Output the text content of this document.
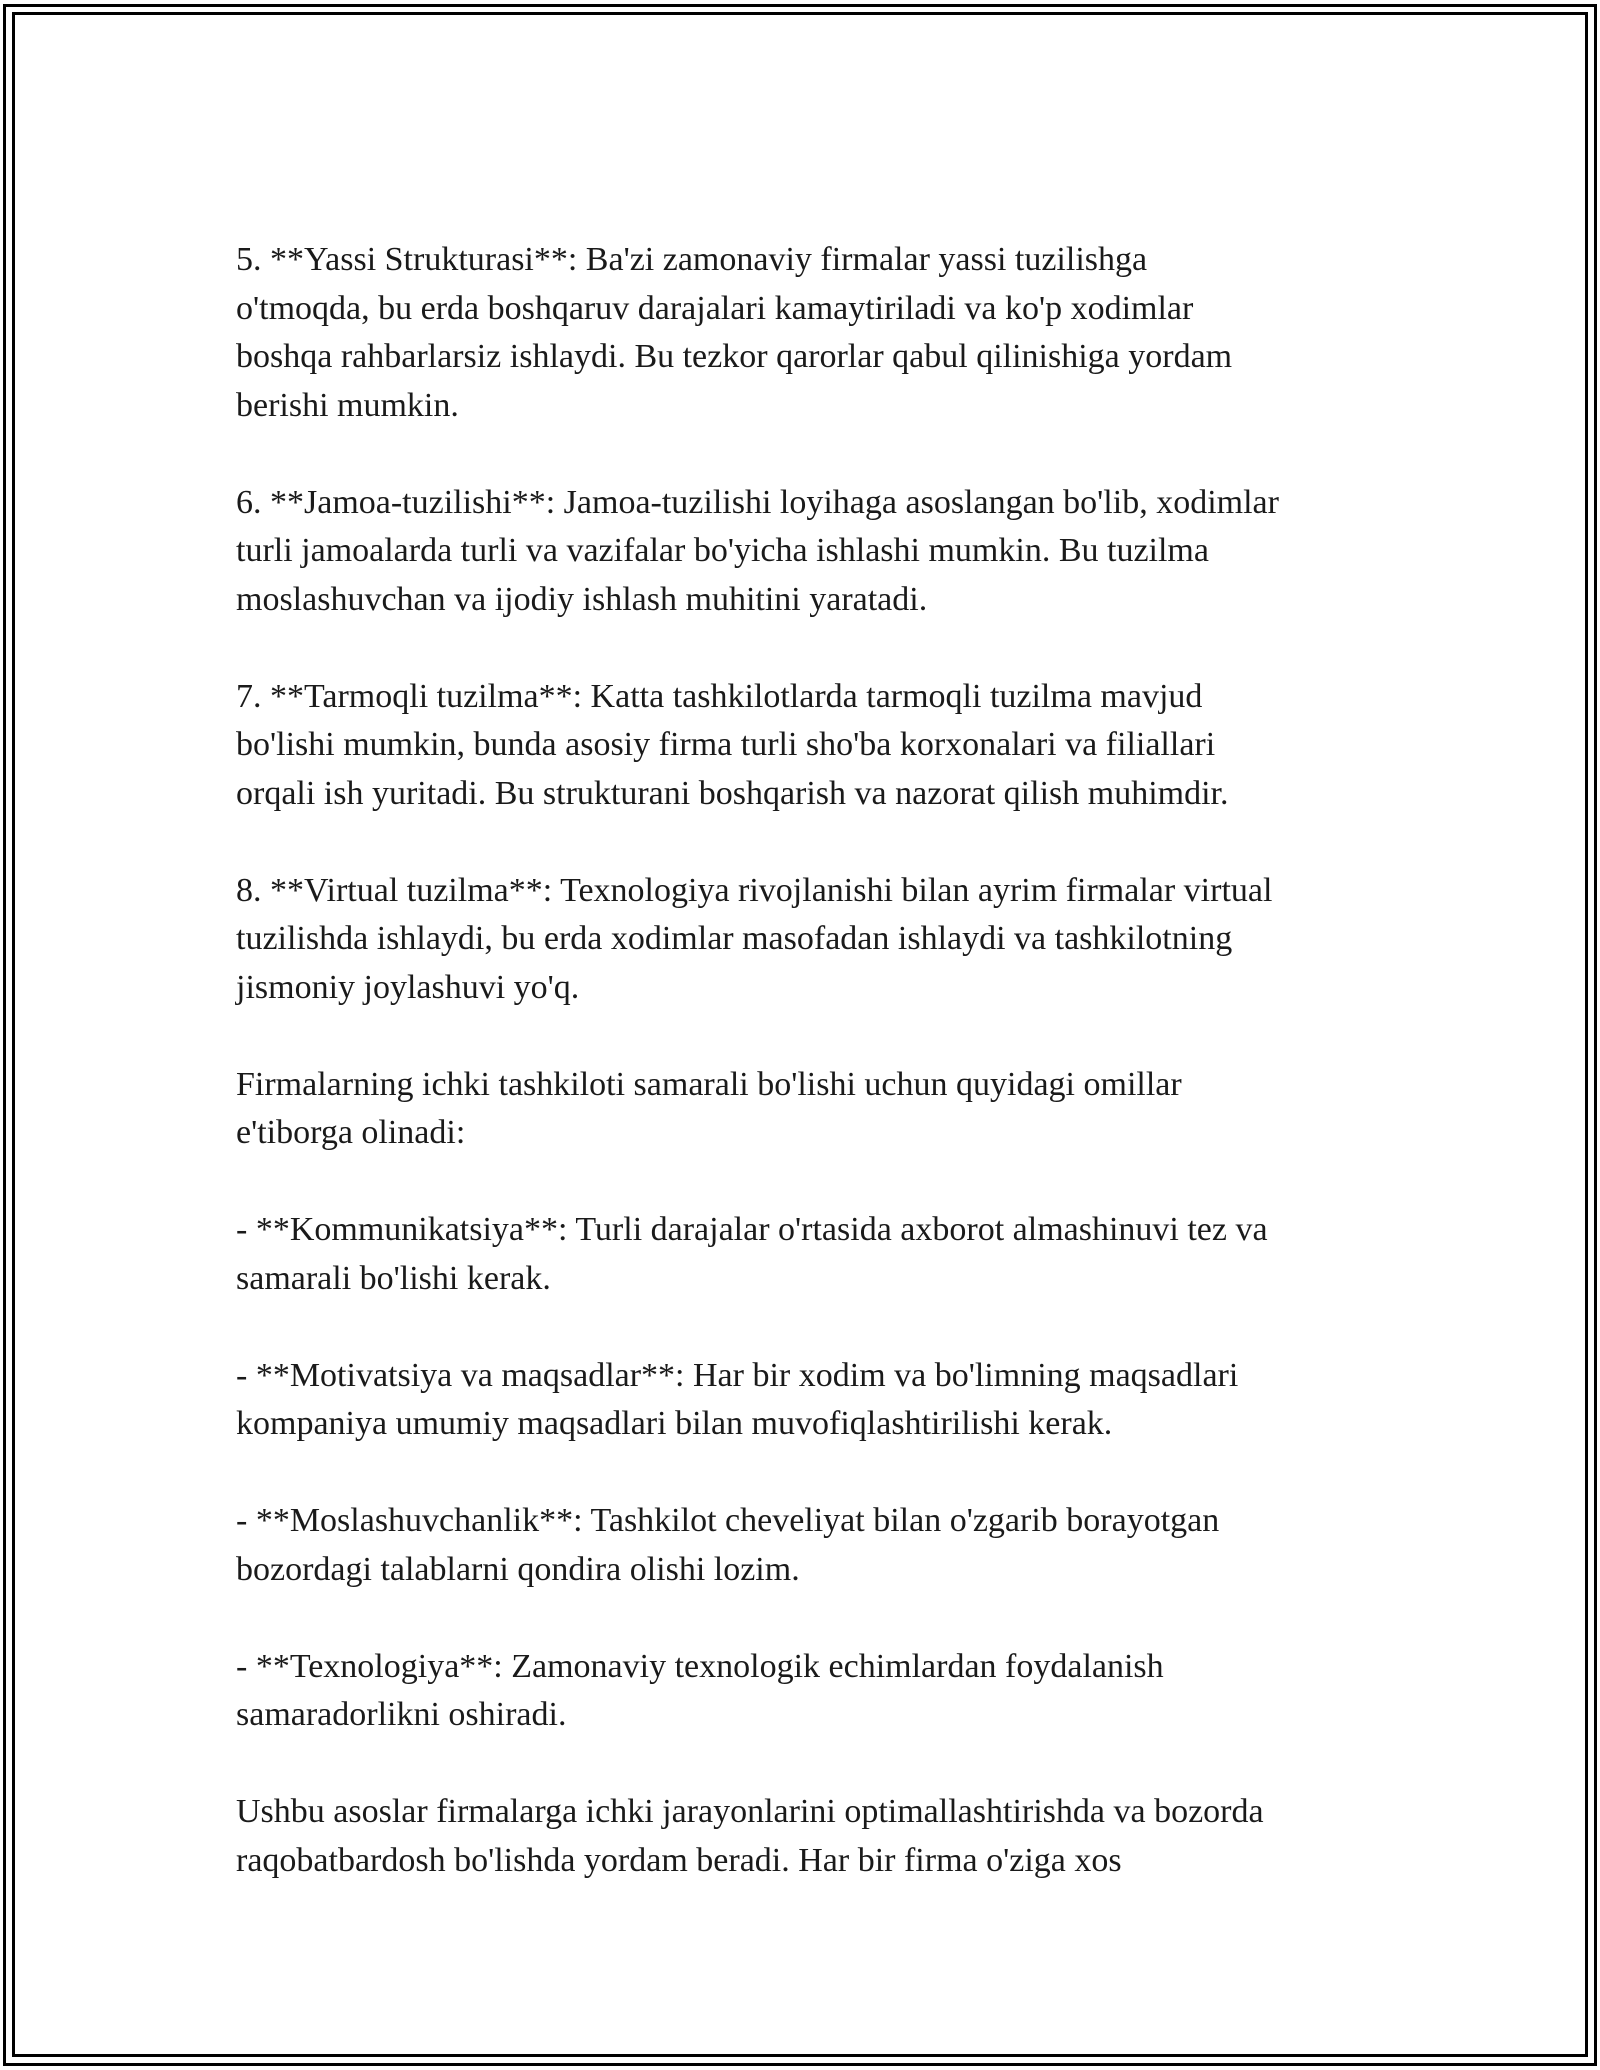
5. **Yassi Strukturasi**: Ba'zi zamonaviy firmalar yassi tuzilishga
o'tmoqda, bu erda boshqaruv darajalari kamaytiriladi va ko'p xodimlar
boshqa rahbarlarsiz ishlaydi. Bu tezkor qarorlar qabul qilinishiga yordam
berishi mumkin.

6. **Jamoa-tuzilishi**: Jamoa-tuzilishi loyihaga asoslangan bo'lib, xodimlar
turli jamoalarda turli va vazifalar bo'yicha ishlashi mumkin. Bu tuzilma
moslashuvchan va ijodiy ishlash muhitini yaratadi.

7. **Tarmoqli tuzilma**: Katta tashkilotlarda tarmoqli tuzilma mavjud
bo'lishi mumkin, bunda asosiy firma turli sho'ba korxonalari va filiallari
orqali ish yuritadi. Bu strukturani boshqarish va nazorat qilish muhimdir.

8. **Virtual tuzilma**: Texnologiya rivojlanishi bilan ayrim firmalar virtual
tuzilishda ishlaydi, bu erda xodimlar masofadan ishlaydi va tashkilotning
jismoniy joylashuvi yo'q.

Firmalarning ichki tashkiloti samarali bo'lishi uchun quyidagi omillar
e'tiborga olinadi:

- **Kommunikatsiya**: Turli darajalar o'rtasida axborot almashinuvi tez va
samarali bo'lishi kerak.

- **Motivatsiya va maqsadlar**: Har bir xodim va bo'limning maqsadlari
kompaniya umumiy maqsadlari bilan muvofiqlashtirilishi kerak.

- **Moslashuvchanlik**: Tashkilot cheveliyat bilan o'zgarib borayotgan
bozordagi talablarni qondira olishi lozim.

- **Texnologiya**: Zamonaviy texnologik echimlardan foydalanish
samaradorlikni oshiradi.

Ushbu asoslar firmalarga ichki jarayonlarini optimallashtirishda va bozorda
raqobatbardosh bo'lishda yordam beradi. Har bir firma o'ziga xos
